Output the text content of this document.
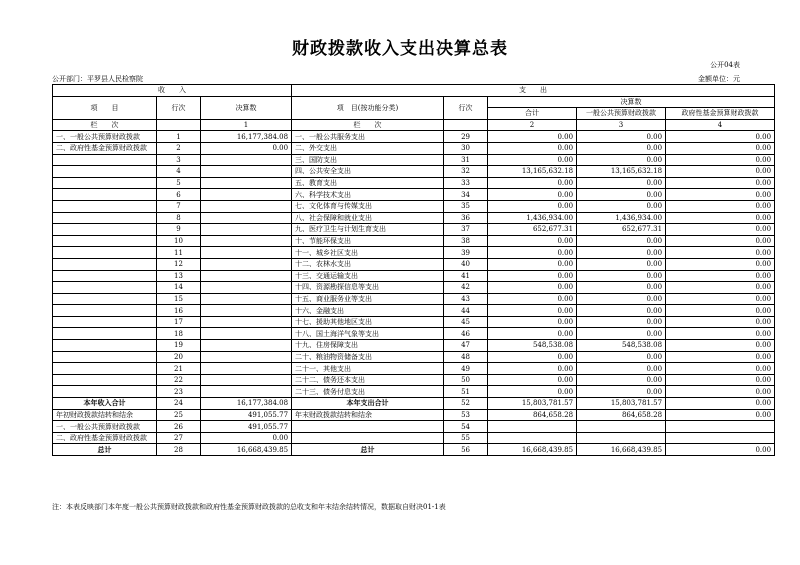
财政拨款收入支出决算总表
公开04表
公开部门：平罗县人民检察院	金额单位：元
收　　入			支　　出				
项　　目	行次	决算数	项　目(按功能分类)	行次	决算数		
					合计	一般公共预算财政拨款	政府性基金预算财政拨款
栏　　次		1	栏　　次		2	3	4
一、一般公共预算财政拨款	1	16,177,384.08	一、一般公共服务支出	29	0.00	0.00	0.00
二、政府性基金预算财政拨款	2	0.00	二、外交支出	30	0.00	0.00	0.00
	3		三、国防支出	31	0.00	0.00	0.00
	4		四、公共安全支出	32	13,165,632.18	13,165,632.18	0.00
	5		五、教育支出	33	0.00	0.00	0.00
	6		六、科学技术支出	34	0.00	0.00	0.00
	7		七、文化体育与传媒支出	35	0.00	0.00	0.00
	8		八、社会保障和就业支出	36	1,436,934.00	1,436,934.00	0.00
	9		九、医疗卫生与计划生育支出	37	652,677.31	652,677.31	0.00
	10		十、节能环保支出	38	0.00	0.00	0.00
	11		十一、城乡社区支出	39	0.00	0.00	0.00
	12		十二、农林水支出	40	0.00	0.00	0.00
	13		十三、交通运输支出	41	0.00	0.00	0.00
	14		十四、资源勘探信息等支出	42	0.00	0.00	0.00
	15		十五、商业服务业等支出	43	0.00	0.00	0.00
	16		十六、金融支出	44	0.00	0.00	0.00
	17		十七、援助其他地区支出	45	0.00	0.00	0.00
	18		十八、国土海洋气象等支出	46	0.00	0.00	0.00
	19		十九、住房保障支出	47	548,538.08	548,538.08	0.00
	20		二十、粮油物资储备支出	48	0.00	0.00	0.00
	21		二十一、其他支出	49	0.00	0.00	0.00
	22		二十二、债务还本支出	50	0.00	0.00	0.00
	23		二十三、债务付息支出	51	0.00	0.00	0.00
本年收入合计	24	16,177,384.08	本年支出合计	52	15,803,781.57	15,803,781.57	0.00
年初财政拨款结转和结余	25	491,055.77	年末财政拨款结转和结余	53	864,658.28	864,658.28	0.00
一、一般公共预算财政拨款	26	491,055.77		54			
二、政府性基金预算财政拨款	27	0.00		55			
总计	28	16,668,439.85	总计	56	16,668,439.85	16,668,439.85	0.00
注：本表反映部门本年度一般公共预算财政拨款和政府性基金预算财政拨款的总收支和年末结余结转情况，数据取自财决01-1表
